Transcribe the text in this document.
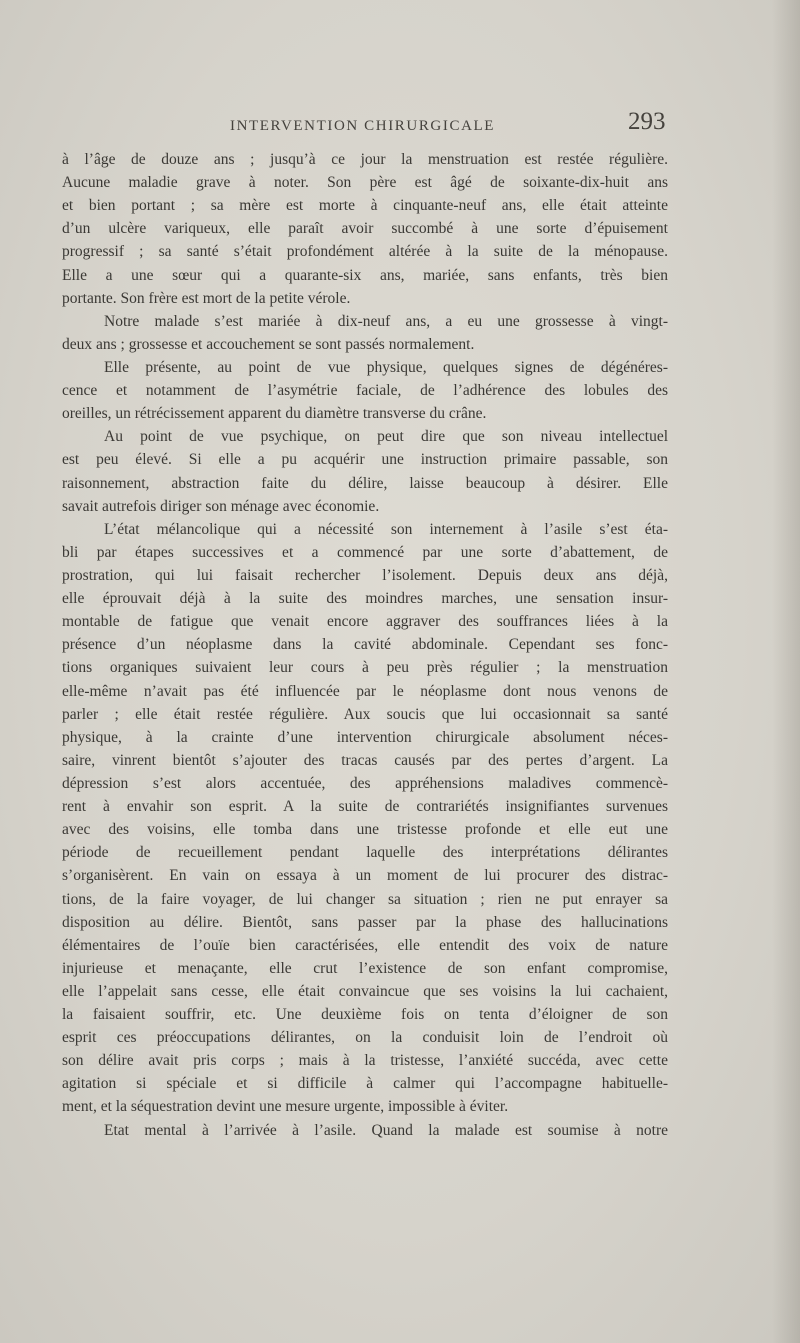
INTERVENTION CHIRURGICALE	293
à l’âge de douze ans ; jusqu’à ce jour la menstruation est restée régulière.
Aucune maladie grave à noter. Son père est âgé de soixante-dix-huit ans
et bien portant ; sa mère est morte à cinquante-neuf ans, elle était atteinte
d’un ulcère variqueux, elle paraît avoir succombé à une sorte d’épuisement
progressif ; sa santé s’était profondément altérée à la suite de la ménopause.
Elle a une sœur qui a quarante-six ans, mariée, sans enfants, très bien
portante. Son frère est mort de la petite vérole.
Notre malade s’est mariée à dix-neuf ans, a eu une grossesse à vingt-
deux ans ; grossesse et accouchement se sont passés normalement.
Elle présente, au point de vue physique, quelques signes de dégénéres-
cence et notamment de l’asymétrie faciale, de l’adhérence des lobules des
oreilles, un rétrécissement apparent du diamètre transverse du crâne.
Au point de vue psychique, on peut dire que son niveau intellectuel
est peu élevé. Si elle a pu acquérir une instruction primaire passable, son
raisonnement, abstraction faite du délire, laisse beaucoup à désirer. Elle
savait autrefois diriger son ménage avec économie.
L’état mélancolique qui a nécessité son internement à l’asile s’est éta-
bli par étapes successives et a commencé par une sorte d’abattement, de
prostration, qui lui faisait rechercher l’isolement. Depuis deux ans déjà,
elle éprouvait déjà à la suite des moindres marches, une sensation insur-
montable de fatigue que venait encore aggraver des souffrances liées à la
présence d’un néoplasme dans la cavité abdominale. Cependant ses fonc-
tions organiques suivaient leur cours à peu près régulier ; la menstruation
elle-même n’avait pas été influencée par le néoplasme dont nous venons de
parler ; elle était restée régulière. Aux soucis que lui occasionnait sa santé
physique, à la crainte d’une intervention chirurgicale absolument néces-
saire, vinrent bientôt s’ajouter des tracas causés par des pertes d’argent. La
dépression s’est alors accentuée, des appréhensions maladives commencè-
rent à envahir son esprit. A la suite de contrariétés insignifiantes survenues
avec des voisins, elle tomba dans une tristesse profonde et elle eut une
période de recueillement pendant laquelle des interprétations délirantes
s’organisèrent. En vain on essaya à un moment de lui procurer des distrac-
tions, de la faire voyager, de lui changer sa situation ; rien ne put enrayer sa
disposition au délire. Bientôt, sans passer par la phase des hallucinations
élémentaires de l’ouïe bien caractérisées, elle entendit des voix de nature
injurieuse et menaçante, elle crut l’existence de son enfant compromise,
elle l’appelait sans cesse, elle était convaincue que ses voisins la lui cachaient,
la faisaient souffrir, etc. Une deuxième fois on tenta d’éloigner de son
esprit ces préoccupations délirantes, on la conduisit loin de l’endroit où
son délire avait pris corps ; mais à la tristesse, l’anxiété succéda, avec cette
agitation si spéciale et si difficile à calmer qui l’accompagne habituelle-
ment, et la séquestration devint une mesure urgente, impossible à éviter.
Etat mental à l’arrivée à l’asile. Quand la malade est soumise à notre
